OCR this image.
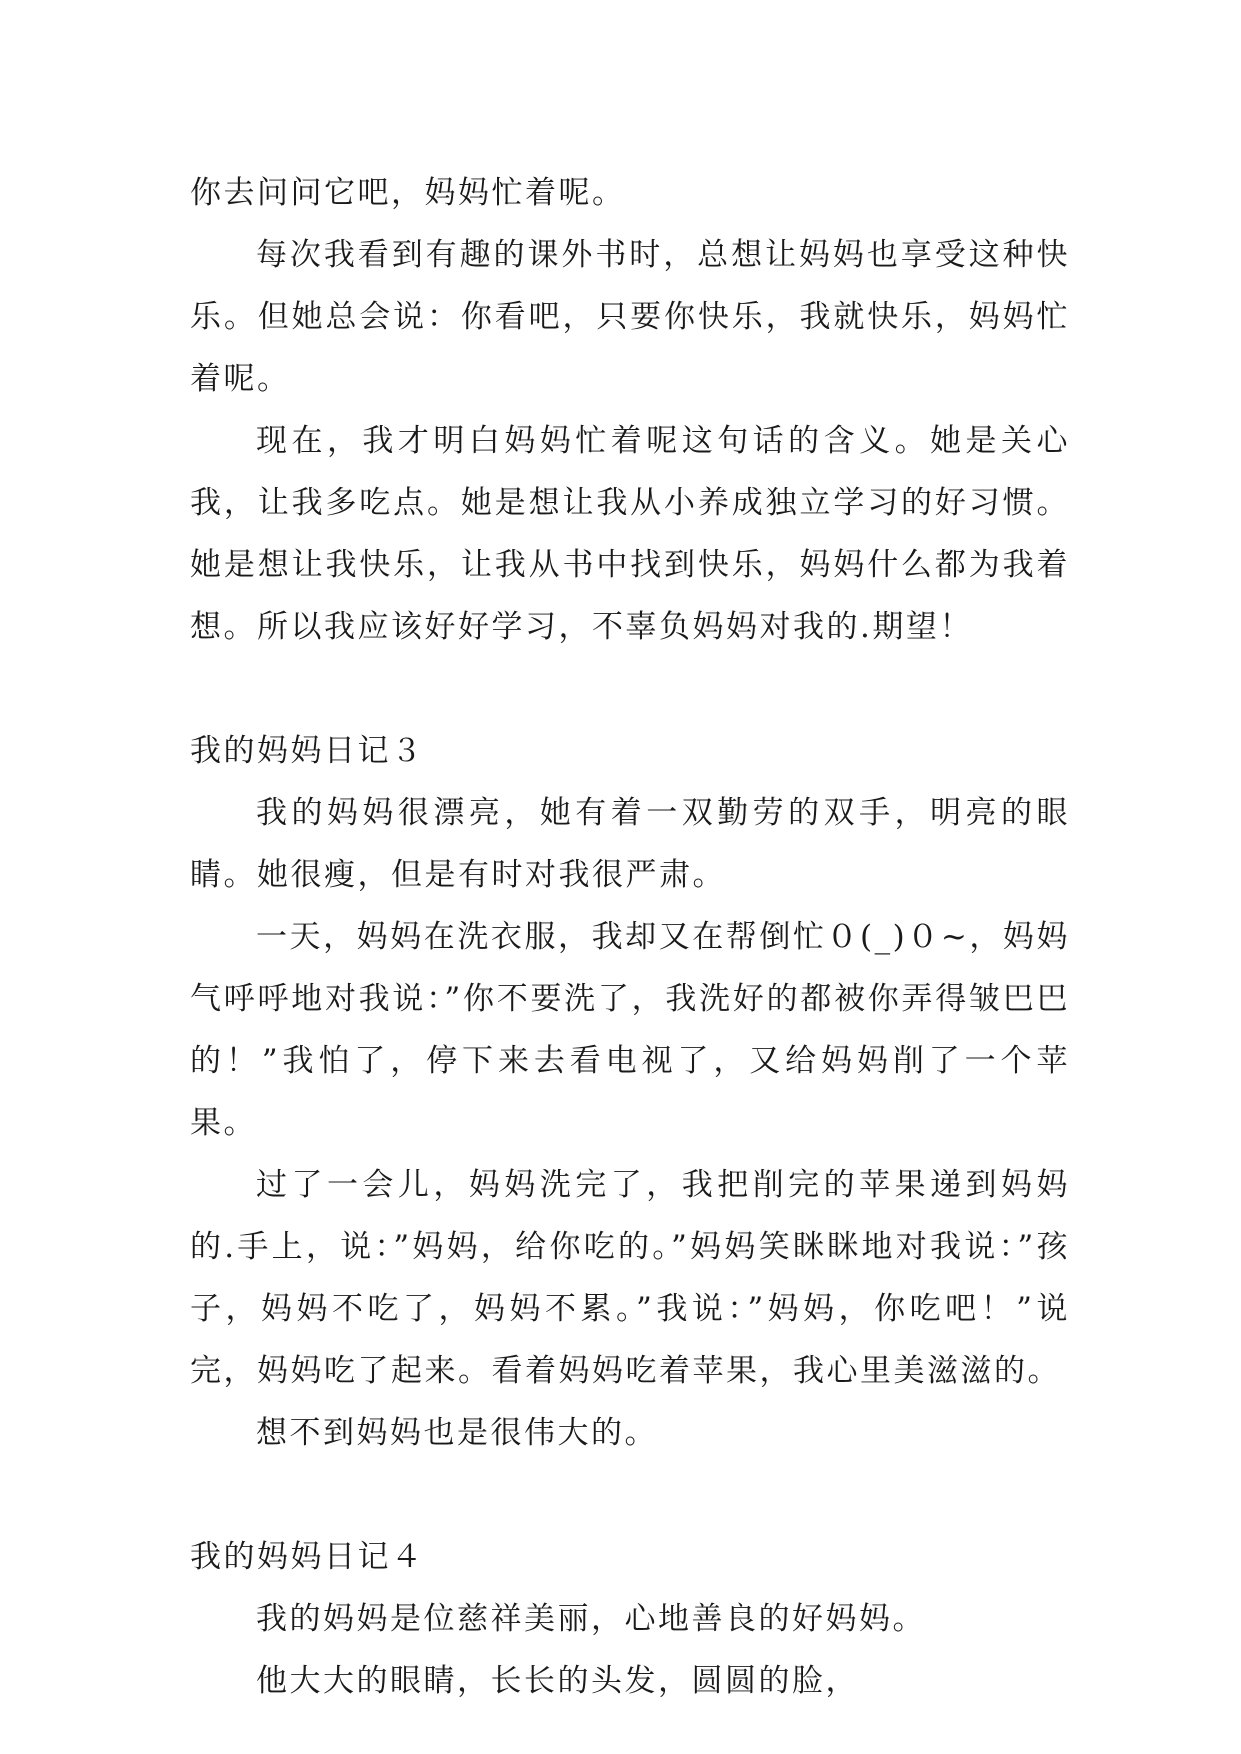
你去问问它吧，妈妈忙着呢。

每次我看到有趣的课外书时，总想让妈妈也享受这种快乐。但她总会说：你看吧，只要你快乐，我就快乐，妈妈忙着呢。

现在，我才明白妈妈忙着呢这句话的含义。她是关心我，让我多吃点。她是想让我从小养成独立学习的好习惯。她是想让我快乐，让我从书中找到快乐，妈妈什么都为我着想。所以我应该好好学习，不辜负妈妈对我的.期望！

我的妈妈日记３

我的妈妈很漂亮，她有着一双勤劳的双手，明亮的眼睛。她很瘦，但是有时对我很严肃。

一天，妈妈在洗衣服，我却又在帮倒忙０(_)０~，妈妈气呼呼地对我说：”你不要洗了，我洗好的都被你弄得皱巴巴的！”我怕了，停下来去看电视了，又给妈妈削了一个苹果。

过了一会儿，妈妈洗完了，我把削完的苹果递到妈妈的.手上，说：”妈妈，给你吃的。”妈妈笑眯眯地对我说：”孩子，妈妈不吃了，妈妈不累。”我说：”妈妈，你吃吧！”说完，妈妈吃了起来。看着妈妈吃着苹果，我心里美滋滋的。

想不到妈妈也是很伟大的。

我的妈妈日记４

我的妈妈是位慈祥美丽，心地善良的好妈妈。

他大大的眼睛，长长的头发，圆圆的脸，
